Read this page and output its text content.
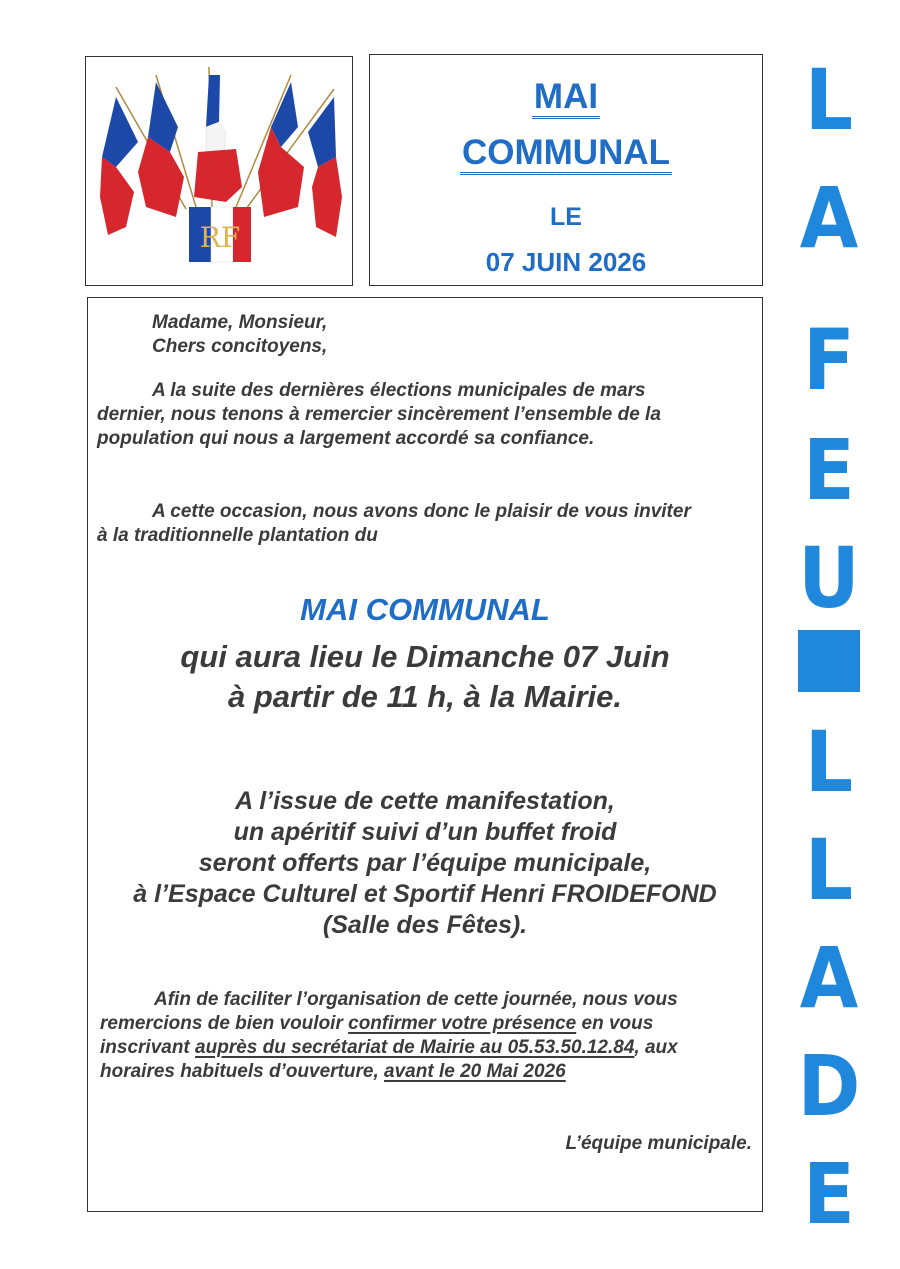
RF
MAI
COMMUNAL
LE
07 JUIN 2026
L
A
F
E
U
L
L
A
D
E
Madame, Monsieur,
Chers concitoyens,
A la suite des dernières élections municipales de mars
dernier, nous tenons à remercier sincèrement l’ensemble de la
population qui nous a largement accordé sa confiance.
A cette occasion, nous avons donc le plaisir de vous inviter
à la traditionnelle plantation du
MAI COMMUNAL
qui aura lieu le Dimanche 07 Juin
à partir de 11 h, à la Mairie.
A l’issue de cette manifestation,
un apéritif suivi d’un buffet froid
seront offerts par l’équipe municipale,
à l’Espace Culturel et Sportif Henri FROIDEFOND
(Salle des Fêtes).
Afin de faciliter l’organisation de cette journée, nous vous
remercions de bien vouloir confirmer votre présence en vous
inscrivant auprès du secrétariat de Mairie au 05.53.50.12.84, aux
horaires habituels d’ouverture, avant le 20 Mai 2026
L’équipe municipale.
